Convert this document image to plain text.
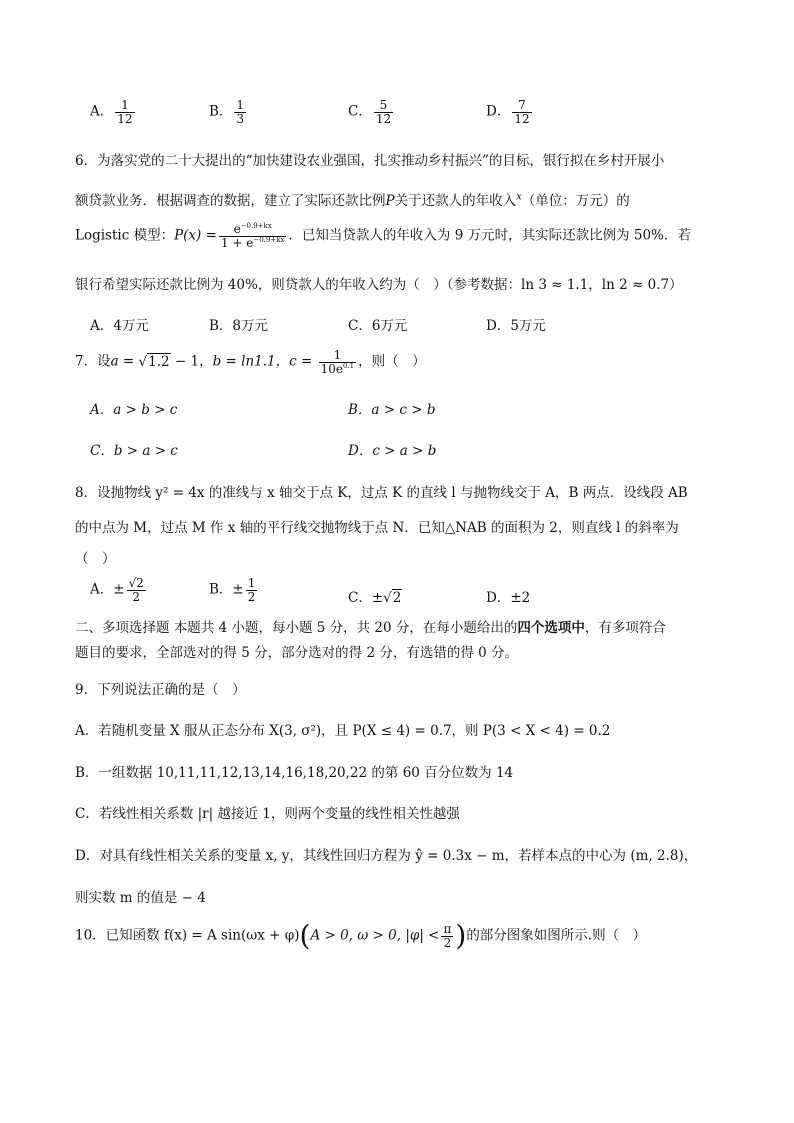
A． $\frac{1}{12}$	B． $\frac{1}{3}$	C． $\frac{5}{12}$	D． $\frac{7}{12}$
6．为落实党的二十大提出的“加快建设农业强国，扎实推动乡村振兴”的目标，银行拟在乡村开展小
额贷款业务．根据调查的数据，建立了实际还款比例P关于还款人的年收入$^x$（单位：万元）的
Logistic 模型：$P(x) = \frac{e^{-0.9+kx}}{1 + e^{-0.9+kx}}$ ．已知当贷款人的年收入为 9 万元时，其实际还款比例为 50%．若
银行希望实际还款比例为 40%，则贷款人的年收入约为（　）（参考数据：ln 3 ≈ 1.1，ln 2 ≈ 0.7）
A．4万元	B．8万元	C．6万元	D．5万元
7．设a = √1.2 − 1，b = ln1.1，$c = \frac{1}{10e^{0.1}}$ ，则（　）
A．a > b > c	B．a > c > b
C．b > a > c	D．c > a > b
8．设抛物线 y² = 4x 的准线与 x 轴交于点 K，过点 K 的直线 l 与抛物线交于 A，B 两点．设线段 AB
的中点为 M，过点 M 作 x 轴的平行线交抛物线于点 N．已知△NAB 的面积为 2，则直线 l 的斜率为
（　）
A．± $\frac{√2}{2}$	B．± $\frac{1}{2}$	C．±√2	D．±2
二、多项选择题 本题共 4 小题，每小题 5 分，共 20 分，在每小题给出的四个选项中，有多项符合
题目的要求，全部选对的得 5 分，部分选对的得 2 分，有选错的得 0 分。
9．下列说法正确的是（　）
A．若随机变量 X 服从正态分布 X(3, σ²)，且 P(X ≤ 4) = 0.7，则 P(3 < X < 4) = 0.2
B．一组数据 10,11,11,12,13,14,16,18,20,22 的第 60 百分位数为 14
C．若线性相关系数 |r| 越接近 1，则两个变量的线性相关性越强
D．对具有线性相关关系的变量 x, y，其线性回归方程为 ŷ = 0.3x − m，若样本点的中心为 (m, 2.8)，
则实数 m 的值是 − 4
10．已知函数 f(x) = A sin(ωx + φ)(A > 0, ω > 0, $|\varphi| < \frac{\pi}{2}$ )的部分图象如图所示.则（　）
